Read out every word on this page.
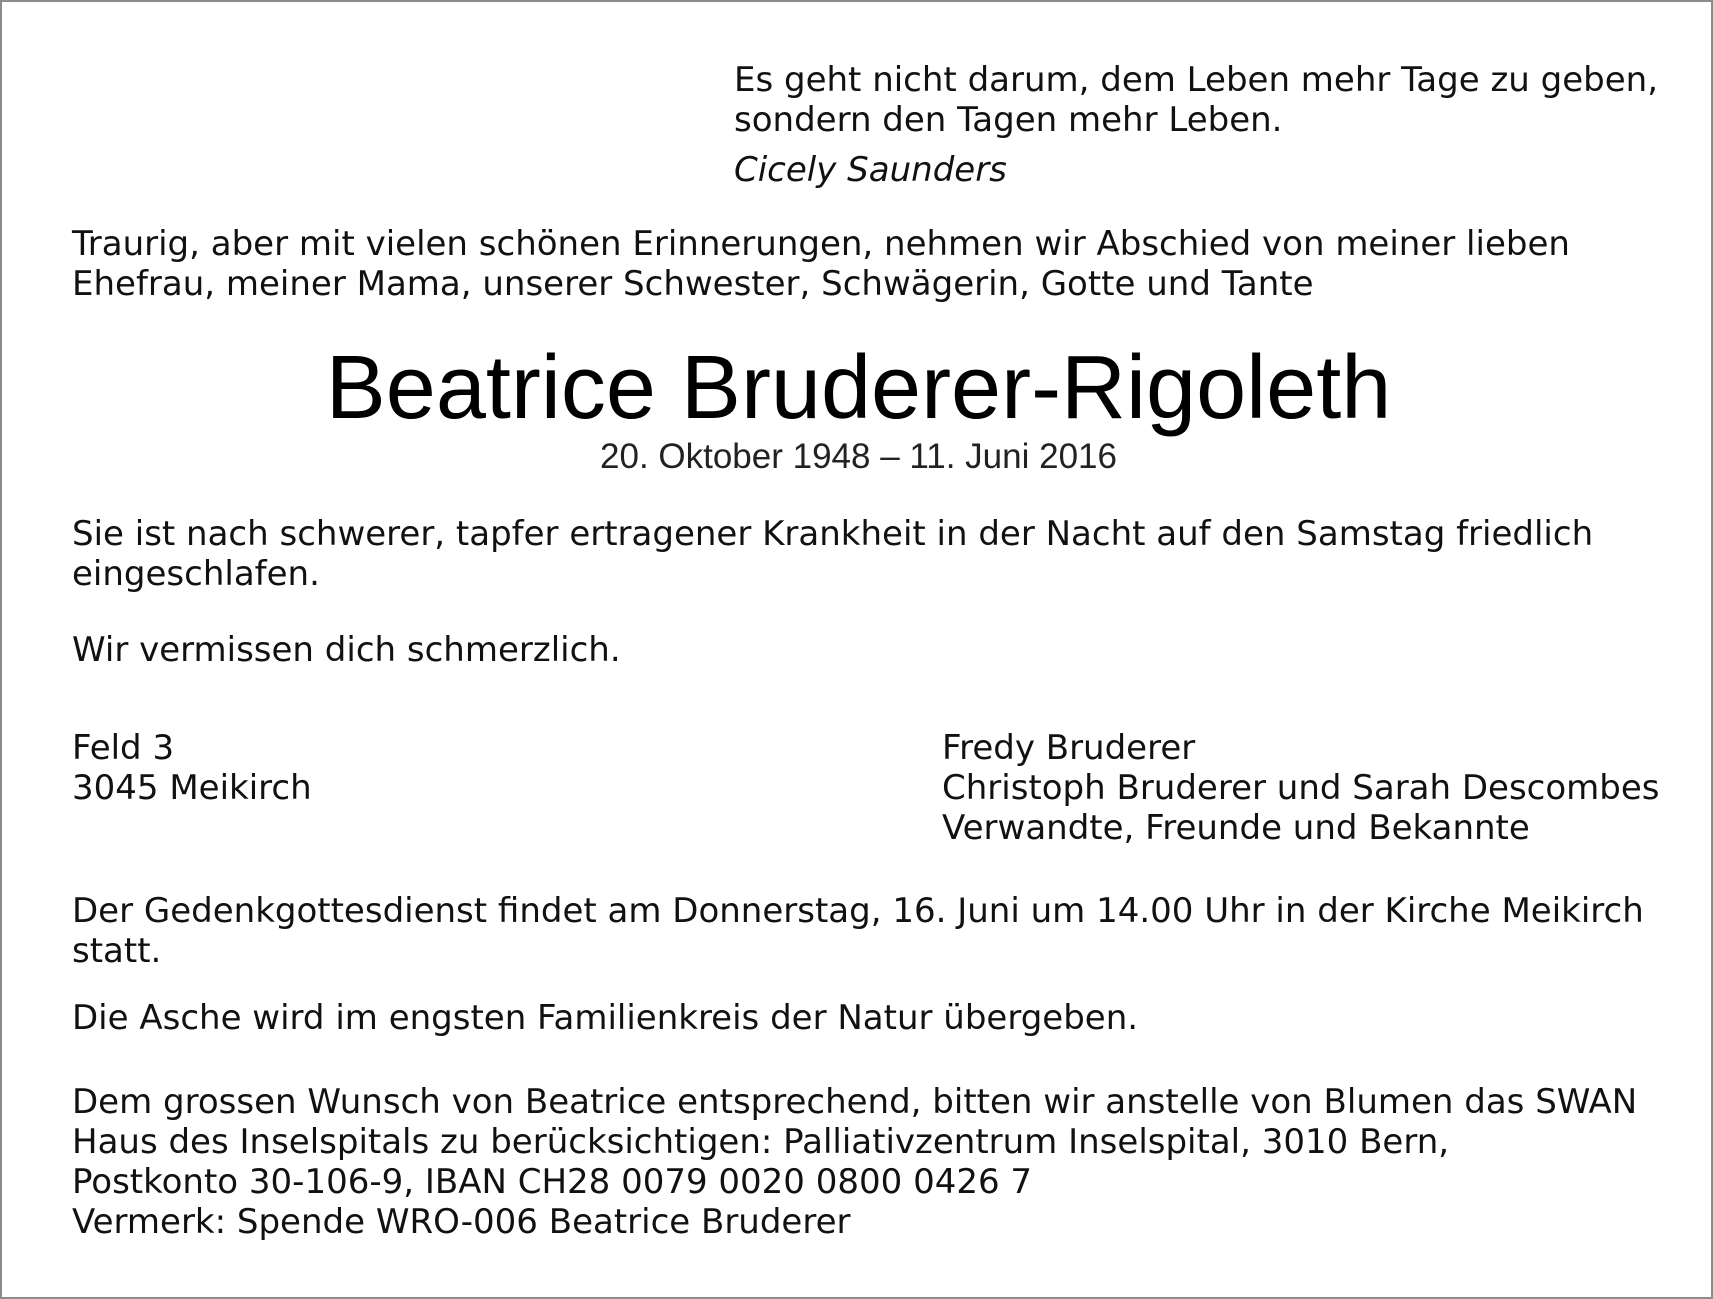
Es geht nicht darum, dem Leben mehr Tage zu geben,
sondern den Tagen mehr Leben.
Cicely Saunders
Traurig, aber mit vielen schönen Erinnerungen, nehmen wir Abschied von meiner lieben
Ehefrau, meiner Mama, unserer Schwester, Schwägerin, Gotte und Tante
Beatrice Bruderer-Rigoleth
20. Oktober 1948 – 11. Juni 2016
Sie ist nach schwerer, tapfer ertragener Krankheit in der Nacht auf den Samstag friedlich
eingeschlafen.
Wir vermissen dich schmerzlich.
Feld 3
3045 Meikirch
Fredy Bruderer
Christoph Bruderer und Sarah Descombes
Verwandte, Freunde und Bekannte
Der Gedenkgottesdienst findet am Donnerstag, 16. Juni um 14.00 Uhr in der Kirche Meikirch
statt.
Die Asche wird im engsten Familienkreis der Natur übergeben.
Dem grossen Wunsch von Beatrice entsprechend, bitten wir anstelle von Blumen das SWAN
Haus des Inselspitals zu berücksichtigen: Palliativzentrum Inselspital, 3010 Bern,
Postkonto 30-106-9, IBAN CH28 0079 0020 0800 0426 7
Vermerk: Spende WRO-006 Beatrice Bruderer
